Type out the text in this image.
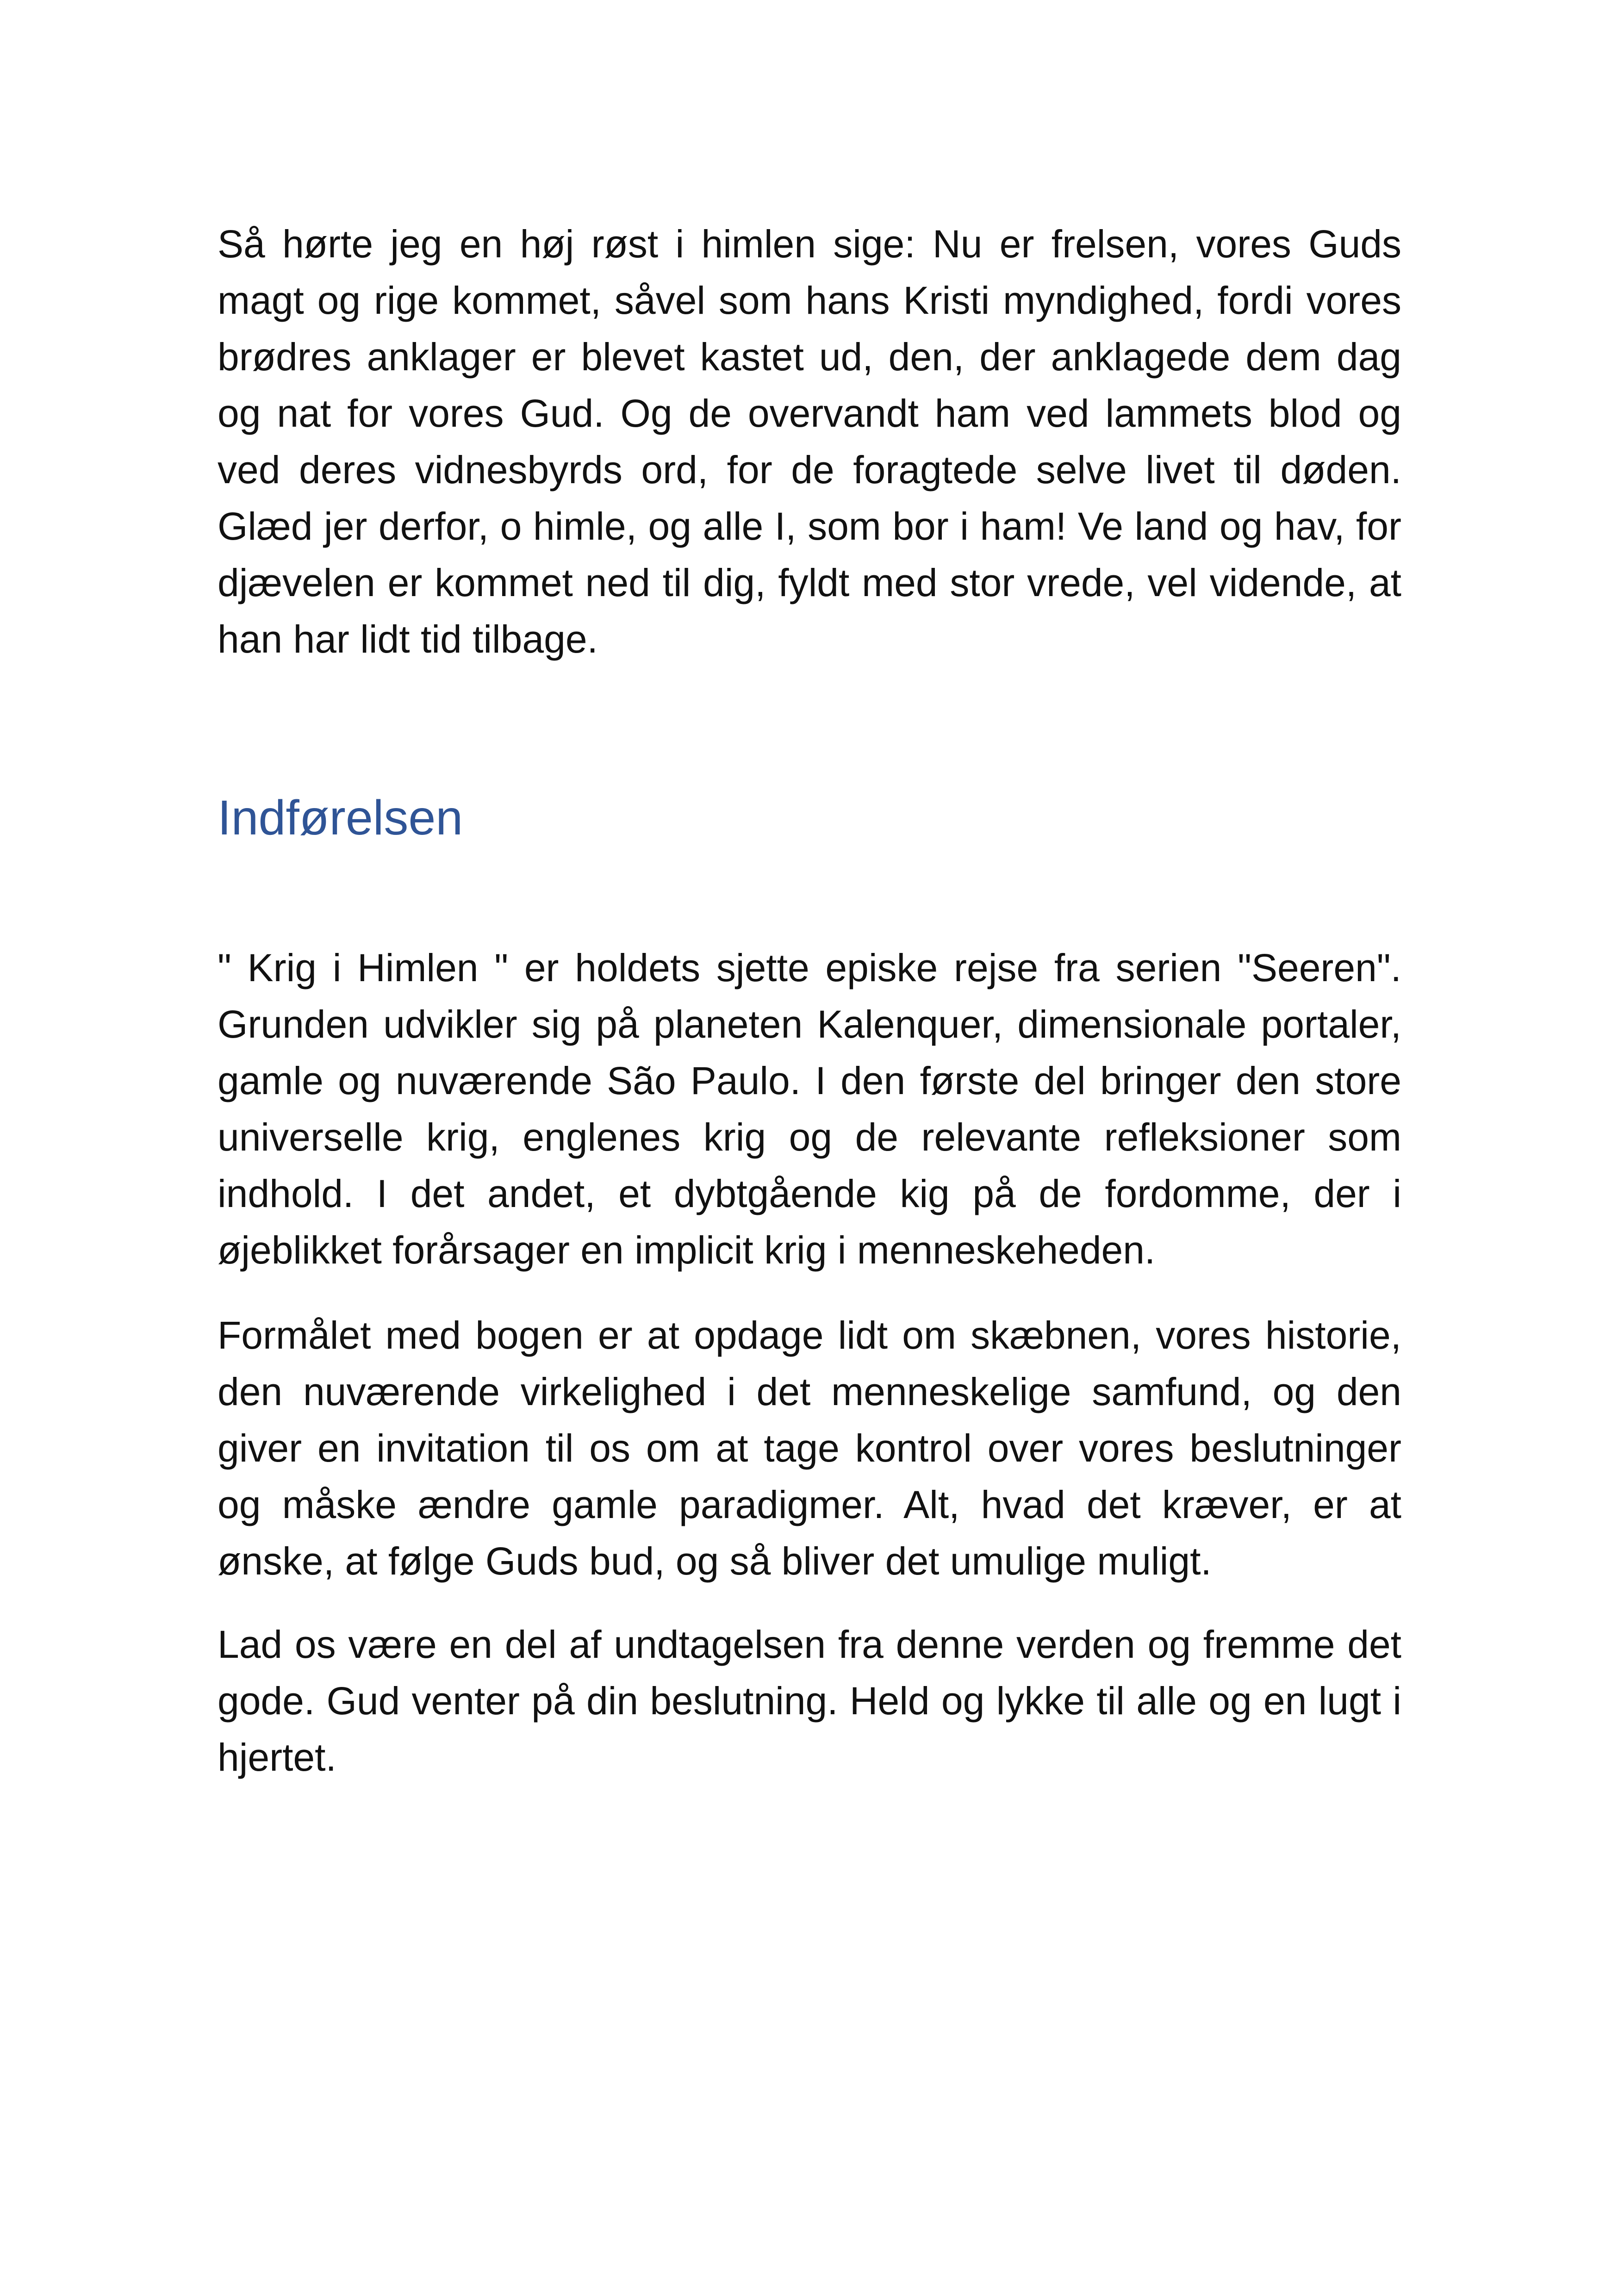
Så hørte jeg en høj røst i himlen sige: Nu er frelsen, vores Guds magt og rige kommet, såvel som hans Kristi myndighed, fordi vores brødres anklager er blevet kastet ud, den, der anklagede dem dag og nat for vores Gud. Og de overvandt ham ved lammets blod og ved deres vidnesbyrds ord, for de foragtede selve livet til døden. Glæd jer derfor, o himle, og alle I, som bor i ham! Ve land og hav, for djævelen er kommet ned til dig, fyldt med stor vrede, vel vidende, at han har lidt tid tilbage.

Indførelsen

" Krig i Himlen " er holdets sjette episke rejse fra serien "Seeren". Grunden udvikler sig på planeten Kalenquer, dimensionale portaler, gamle og nuværende São Paulo. I den første del bringer den store universelle krig, englenes krig og de relevante refleksioner som indhold. I det andet, et dybtgående kig på de fordomme, der i øjeblikket forårsager en implicit krig i menneskeheden.

Formålet med bogen er at opdage lidt om skæbnen, vores historie, den nuværende virkelighed i det menneskelige samfund, og den giver en invitation til os om at tage kontrol over vores beslutninger og måske ændre gamle paradigmer. Alt, hvad det kræver, er at ønske, at følge Guds bud, og så bliver det umulige muligt.

Lad os være en del af undtagelsen fra denne verden og fremme det gode. Gud venter på din beslutning. Held og lykke til alle og en lugt i hjertet.
